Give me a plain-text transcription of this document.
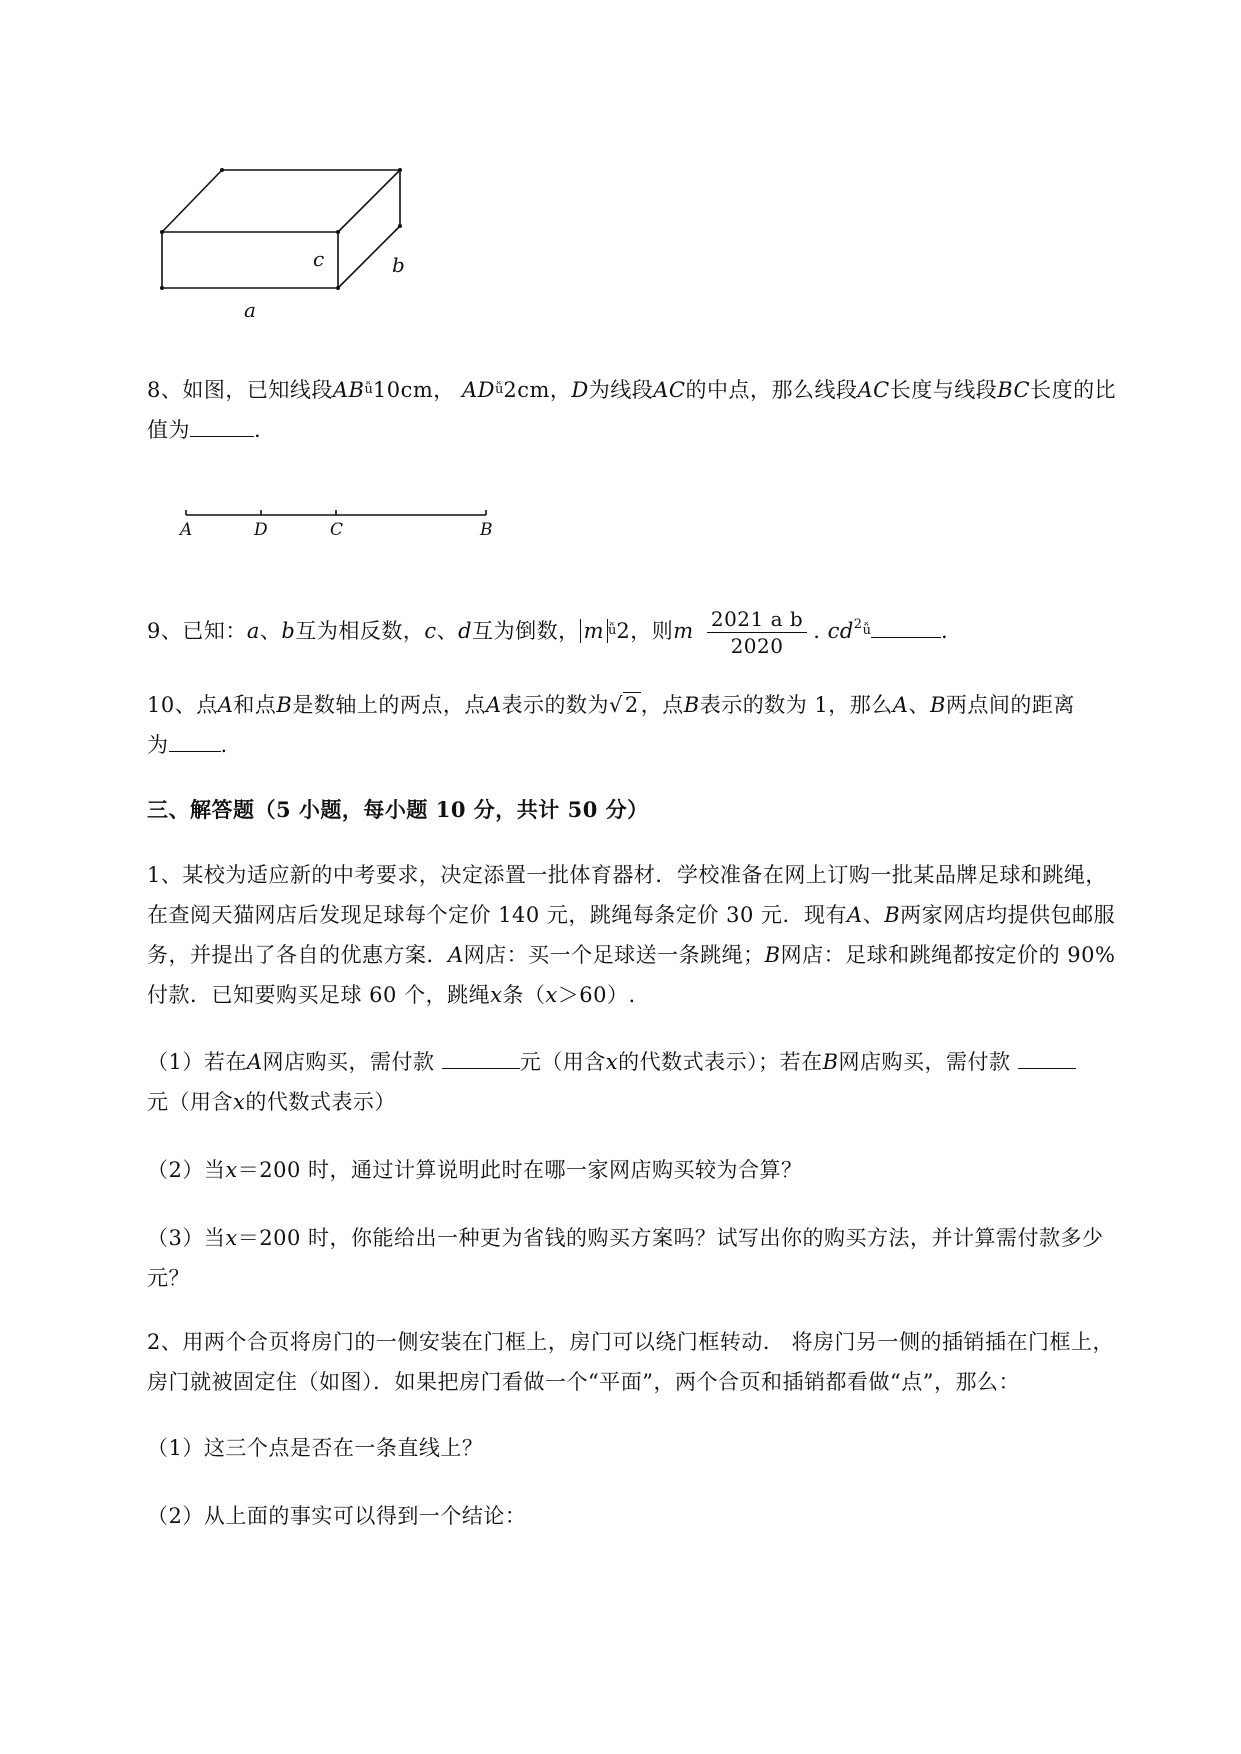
c	b
a
8、如图，已知线段ABǚ10cm， ADǚ2cm，D为线段AC的中点，那么线段AC长度与线段BC长度的比
值为	.
A	D	C	B
9、已知：a、b互为相反数，c、d互为倒数， m ǚ2，则m $\frac{\text{2021 a b}}{2020}$ . $cd^2ǚ$	.
10、点A和点B是数轴上的两点，点A表示的数为√2，点B表示的数为 1，那么A、B两点间的距离
为 .
三、解答题（5 小题，每小题 10 分，共计 50 分）
1、某校为适应新的中考要求，决定添置一批体育器材．学校准备在网上订购一批某品牌足球和跳绳，
在查阅天猫网店后发现足球每个定价 140 元，跳绳每条定价 30 元．现有A、B两家网店均提供包邮服
务，并提出了各自的优惠方案．A网店：买一个足球送一条跳绳；B网店：足球和跳绳都按定价的 90%
付款．已知要购买足球 60 个，跳绳x条（x＞60）.
（1）若在A网店购买，需付款	元（用含x的代数式表示）；若在B网店购买，需付款
元（用含x的代数式表示）
（2）当x＝200 时，通过计算说明此时在哪一家网店购买较为合算？
（3）当x＝200 时，你能给出一种更为省钱的购买方案吗？试写出你的购买方法，并计算需付款多少
元？
2、用两个合页将房门的一侧安装在门框上，房门可以绕门框转动． 将房门另一侧的插销插在门框上，
房门就被固定住（如图）．如果把房门看做一个“平面”，两个合页和插销都看做“点”，那么：
（1）这三个点是否在一条直线上？
（2）从上面的事实可以得到一个结论：
